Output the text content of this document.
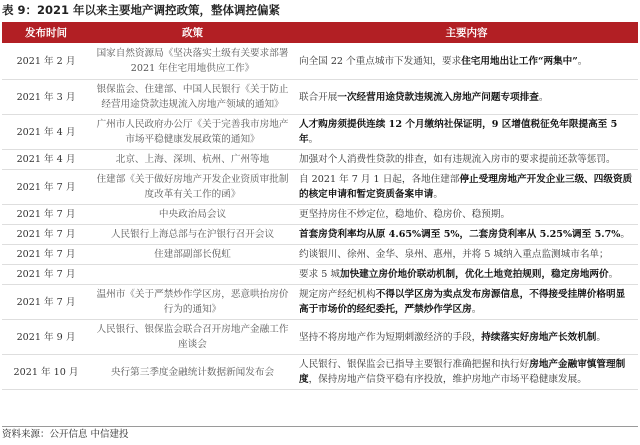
表 9：2021 年以来主要地产调控政策，整体调控偏紧
发布时间	政策	主要内容
2021 年 2 月	国家自然资源局《坚决落实土级有关要求部署 2021 年住宅用地供应工作》	向全国 22 个重点城市下发通知，要求住宅用地出让工作“两集中”。
2021 年 3 月	银保监会、住建部、中国人民银行《关于防止经营用途贷款违规流入房地产领域的通知》	联合开展一次经营用途贷款违规流入房地产问题专项排查。
2021 年 4 月	广州市人民政府办公厅《关于完善我市房地产市场平稳健康发展政策的通知》	人才购房须提供连续 12 个月缴纳社保证明，9 区增值税征免年限提高至 5 年。
2021 年 4 月	北京、上海、深圳、杭州、广州等地	加强对个人消费性贷款的排查，如有违规流入房市的要求提前还款等惩罚。
2021 年 7 月	住建部《关于做好房地产开发企业资质审批制度改革有关工作的函》	自 2021 年 7 月 1 日起，各地住建部停止受理房地产开发企业三级、四级资质的核定申请和暂定资质备案申请。
2021 年 7 月	中央政治局会议	更坚持房住不炒定位，稳地价、稳房价、稳预期。
2021 年 7 月	人民银行上海总部与在沪银行召开会议	首套房贷利率均从原 4.65%调至 5%，二套房贷利率从 5.25%调至 5.7%。
2021 年 7 月	住建部副部长倪虹	约谈银川、徐州、金华、泉州、惠州，并将 5 城纳入重点监测城市名单；
2021 年 7 月		要求 5 城加快建立房价地价联动机制，优化土地竞拍规则，稳定房地两价。
2021 年 7 月	温州市《关于严禁炒作学区房，恶意哄抬房价行为的通知》	规定房产经纪机构不得以学区房为卖点发布房源信息，不得接受挂牌价格明显高于市场价的经纪委托，严禁炒作学区房。
2021 年 9 月	人民银行、银保监会联合召开房地产金融工作座谈会	坚持不将房地产作为短期刺激经济的手段，持续落实好房地产长效机制。
2021 年 10 月	央行第三季度金融统计数据新闻发布会	人民银行、银保监会已指导主要银行准确把握和执行好房地产金融审慎管理制度，保持房地产信贷平稳有序投放，维护房地产市场平稳健康发展。
资料来源：公开信息 中信建投
